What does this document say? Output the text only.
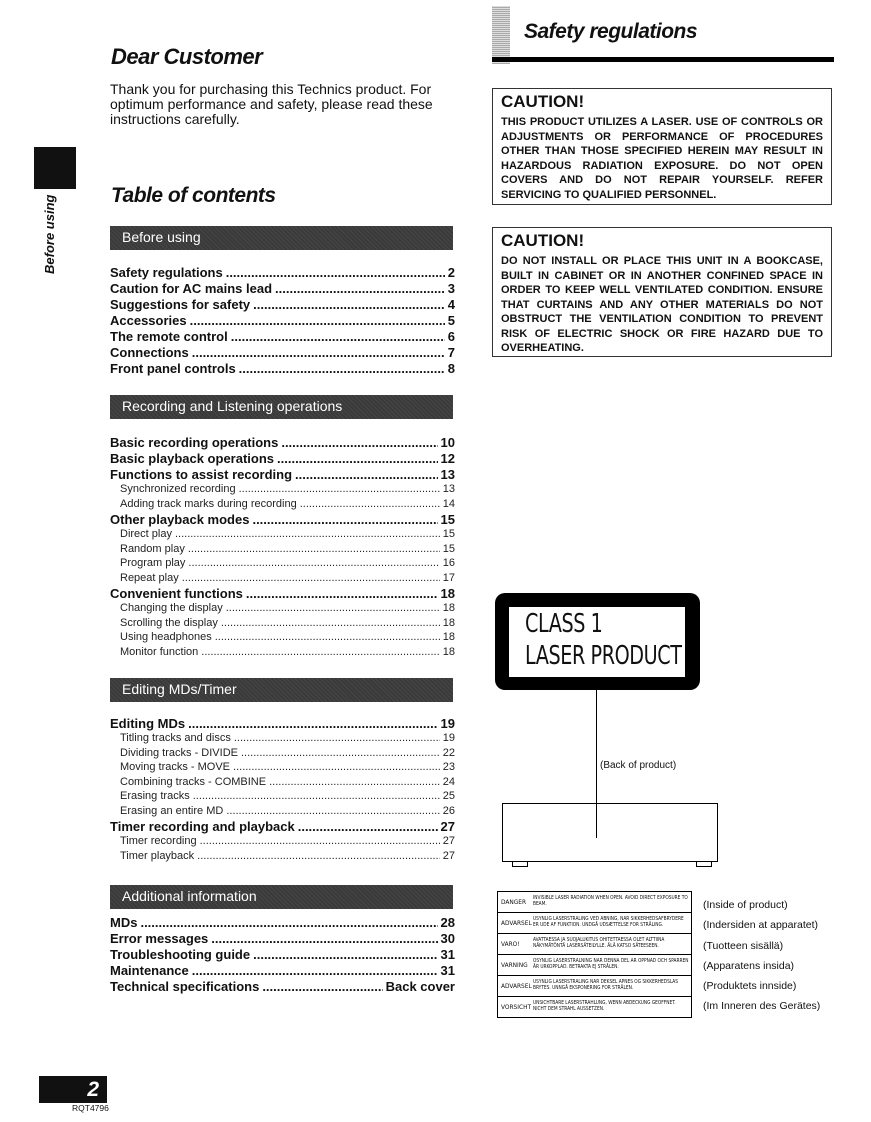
Before using
Dear Customer
Thank you for purchasing this Technics product. For optimum performance and safety, please read these instructions carefully.
Table of contents
Before using
Safety regulations .....	2
Caution for AC mains lead .....	3
Suggestions for safety .....	4
Accessories .....	5
The remote control .....	6
Connections .....	7
Front panel controls .....	8
Recording and Listening operations
Basic recording operations .....	10
Basic playback operations .....	12
Functions to assist recording .....	13
Synchronized recording .....	13
Adding track marks during recording .....	14
Other playback modes .....	15
Direct play .....	15
Random play .....	15
Program play .....	16
Repeat play .....	17
Convenient functions .....	18
Changing the display .....	18
Scrolling the display .....	18
Using headphones .....	18
Monitor function .....	18
Editing MDs/Timer
Editing MDs .....	19
Titling tracks and discs .....	19
Dividing tracks - DIVIDE .....	22
Moving tracks - MOVE .....	23
Combining tracks - COMBINE .....	24
Erasing tracks .....	25
Erasing an entire MD .....	26
Timer recording and playback .....	27
Timer recording .....	27
Timer playback .....	27
Additional information
MDs .....	28
Error messages .....	30
Troubleshooting guide .....	31
Maintenance .....	31
Technical specifications .....	Back cover
Safety regulations
CAUTION!

THIS PRODUCT UTILIZES A LASER. USE OF CONTROLS OR ADJUSTMENTS OR PERFORMANCE OF PROCEDURES OTHER THAN THOSE SPECIFIED HEREIN MAY RESULT IN HAZARDOUS RADIATION EXPOSURE. DO NOT OPEN COVERS AND DO NOT REPAIR YOURSELF. REFER SERVICING TO QUALIFIED PERSONNEL.

CAUTION!

DO NOT INSTALL OR PLACE THIS UNIT IN A BOOKCASE, BUILT IN CABINET OR IN ANOTHER CONFINED SPACE IN ORDER TO KEEP WELL VENTILATED CONDITION. ENSURE THAT CURTAINS AND ANY OTHER MATERIALS DO NOT OBSTRUCT THE VENTILATION CONDITION TO PREVENT RISK OF ELECTRIC SHOCK OR FIRE HAZARD DUE TO OVERHEATING.

CLASS 1
LASER PRODUCT
(Back of product)
DANGER	INVISIBLE LASER RADIATION WHEN OPEN. AVOID DIRECT EXPOSURE TO BEAM.
ADVARSEL USYNLIG LASERSTRÅLING VED ÅBNING, NÅR SIKKERHEDSAFBRYDERE ER UDE AF FUNKTION. UNDGÅ UDSÆTTELSE FOR STRÅLING.
VARO!	AVATTAESSA JA SUOJALUKITUS OHITETTAESSA OLET ALTTIINA NÄKYMÄTÖNTÄ LASERSÄTEILYLLE. ÄLÄ KATSO SÄTEESEEN.
VARNING	OSYNLIG LASERSTRÅLNING NÄR DENNA DEL ÄR ÖPPNAD OCH SPÄRREN ÄR URKOPPLAD. BETRAKTA EJ STRÅLEN.
ADVARSEL USYNLIG LASERSTRÅLING NÅR DEKSEL ÅPNES OG SIKKERHEDSLÅS BRYTES. UNNGÅ EKSPONERING FOR STRÅLEN.
VORSICHT UNSICHTBARE LASERSTRAHLUNG, WENN ABDECKUNG GEÖFFNET. NICHT DEM STRAHL AUSSETZEN.
(Inside of product)
(Indersiden at apparatet)
(Tuotteen sisällä)
(Apparatens insida)
(Produktets innside)
(Im Inneren des Gerätes)
2
RQT4796
